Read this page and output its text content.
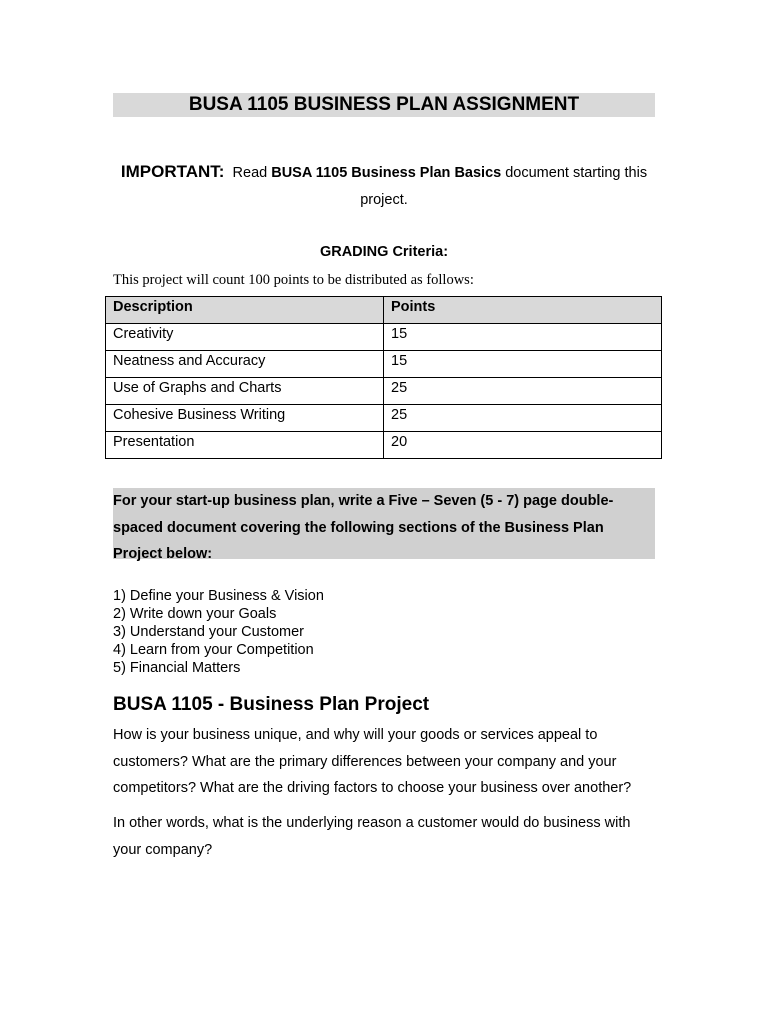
BUSA 1105 BUSINESS PLAN ASSIGNMENT
IMPORTANT: Read BUSA 1105 Business Plan Basics document starting this project.
GRADING Criteria:
This project will count 100 points to be distributed as follows:
Description	Points
Creativity	15
Neatness and Accuracy	15
Use of Graphs and Charts	25
Cohesive Business Writing	25
Presentation	20
For your start-up business plan, write a Five – Seven (5 - 7) page double-spaced document covering the following sections of the Business Plan Project below:
1) Define your Business & Vision
2) Write down your Goals
3) Understand your Customer
4) Learn from your Competition
5) Financial Matters
BUSA 1105 - Business Plan Project
How is your business unique, and why will your goods or services appeal to customers? What are the primary differences between your company and your competitors? What are the driving factors to choose your business over another?
In other words, what is the underlying reason a customer would do business with your company?
